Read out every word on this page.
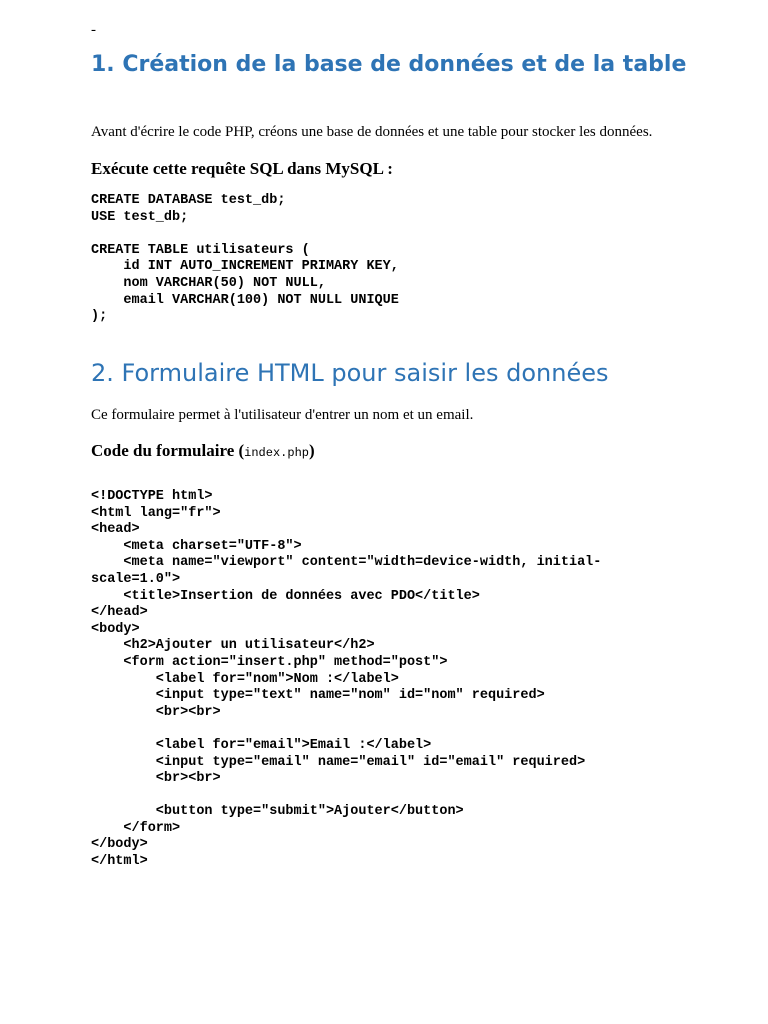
-
1. Création de la base de données et de la table

Avant d'écrire le code PHP, créons une base de données et une table pour stocker les données.

Exécute cette requête SQL dans MySQL :

CREATE DATABASE test_db;
USE test_db;

CREATE TABLE utilisateurs (
id INT AUTO_INCREMENT PRIMARY KEY,
nom VARCHAR(50) NOT NULL,
email VARCHAR(100) NOT NULL UNIQUE
);
2. Formulaire HTML pour saisir les données

Ce formulaire permet à l'utilisateur d'entrer un nom et un email.

Code du formulaire (index.php)

<!DOCTYPE html>
<html lang="fr">
<head>
<meta charset="UTF-8">
<meta name="viewport" content="width=device-width, initial-
scale=1.0">
<title>Insertion de données avec PDO</title>
</head>
<body>
<h2>Ajouter un utilisateur</h2>
<form action="insert.php" method="post">
<label for="nom">Nom :</label>
<input type="text" name="nom" id="nom" required>
<br><br>

<label for="email">Email :</label>
<input type="email" name="email" id="email" required>
<br><br>

<button type="submit">Ajouter</button>
</form>
</body>
</html>
